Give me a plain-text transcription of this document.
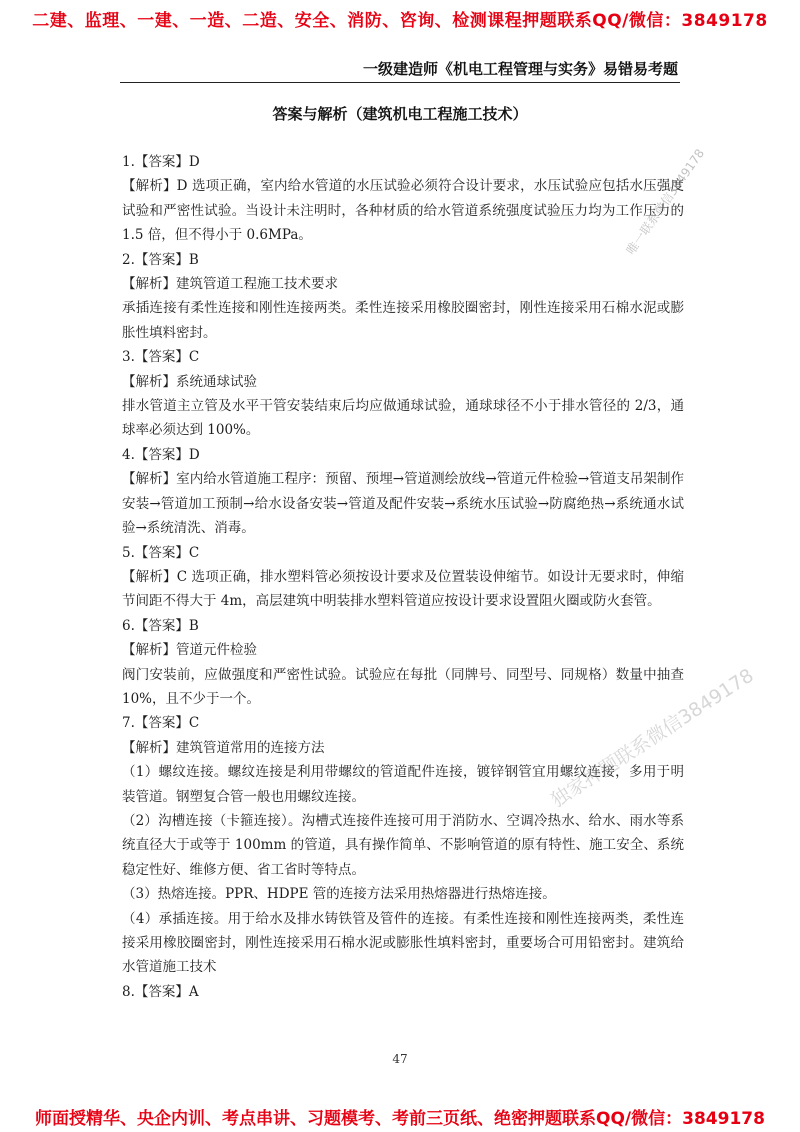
二建、监理、一建、一造、二造、安全、消防、咨询、检测课程押题联系QQ/微信：3849178
一级建造师《机电工程管理与实务》易错易考题
答案与解析（建筑机电工程施工技术）

1.【答案】D

【解析】D 选项正确，室内给水管道的水压试验必须符合设计要求，水压试验应包括水压强度试验和严密性试验。当设计未注明时，各种材质的给水管道系统强度试验压力均为工作压力的 1.5 倍，但不得小于 0.6MPa。

2.【答案】B

【解析】建筑管道工程施工技术要求

承插连接有柔性连接和刚性连接两类。柔性连接采用橡胶圈密封，刚性连接采用石棉水泥或膨胀性填料密封。

3.【答案】C

【解析】系统通球试验

排水管道主立管及水平干管安装结束后均应做通球试验，通球球径不小于排水管径的 2/3，通球率必须达到 100%。

4.【答案】D

【解析】室内给水管道施工程序：预留、预埋→管道测绘放线→管道元件检验→管道支吊架制作安装→管道加工预制→给水设备安装→管道及配件安装→系统水压试验→防腐绝热→系统通水试验→系统清洗、消毒。

5.【答案】C

【解析】C 选项正确，排水塑料管必须按设计要求及位置装设伸缩节。如设计无要求时，伸缩节间距不得大于 4m，高层建筑中明装排水塑料管道应按设计要求设置阻火圈或防火套管。

6.【答案】B

【解析】管道元件检验

阀门安装前，应做强度和严密性试验。试验应在每批（同牌号、同型号、同规格）数量中抽查 10%，且不少于一个。

7.【答案】C

【解析】建筑管道常用的连接方法

（1）螺纹连接。螺纹连接是利用带螺纹的管道配件连接，镀锌钢管宜用螺纹连接，多用于明装管道。钢塑复合管一般也用螺纹连接。

（2）沟槽连接（卡箍连接）。沟槽式连接件连接可用于消防水、空调冷热水、给水、雨水等系统直径大于或等于 100mm 的管道，具有操作简单、不影响管道的原有特性、施工安全、系统稳定性好、维修方便、省工省时等特点。

（3）热熔连接。PPR、HDPE 管的连接方法采用热熔器进行热熔连接。

（4）承插连接。用于给水及排水铸铁管及管件的连接。有柔性连接和刚性连接两类，柔性连接采用橡胶圈密封，刚性连接采用石棉水泥或膨胀性填料密封，重要场合可用铅密封。建筑给水管道施工技术

8.【答案】A

唯一联系微信3849178
独家押题联系微信3849178
47
师面授精华、央企内训、考点串讲、习题模考、考前三页纸、绝密押题联系QQ/微信：3849178
